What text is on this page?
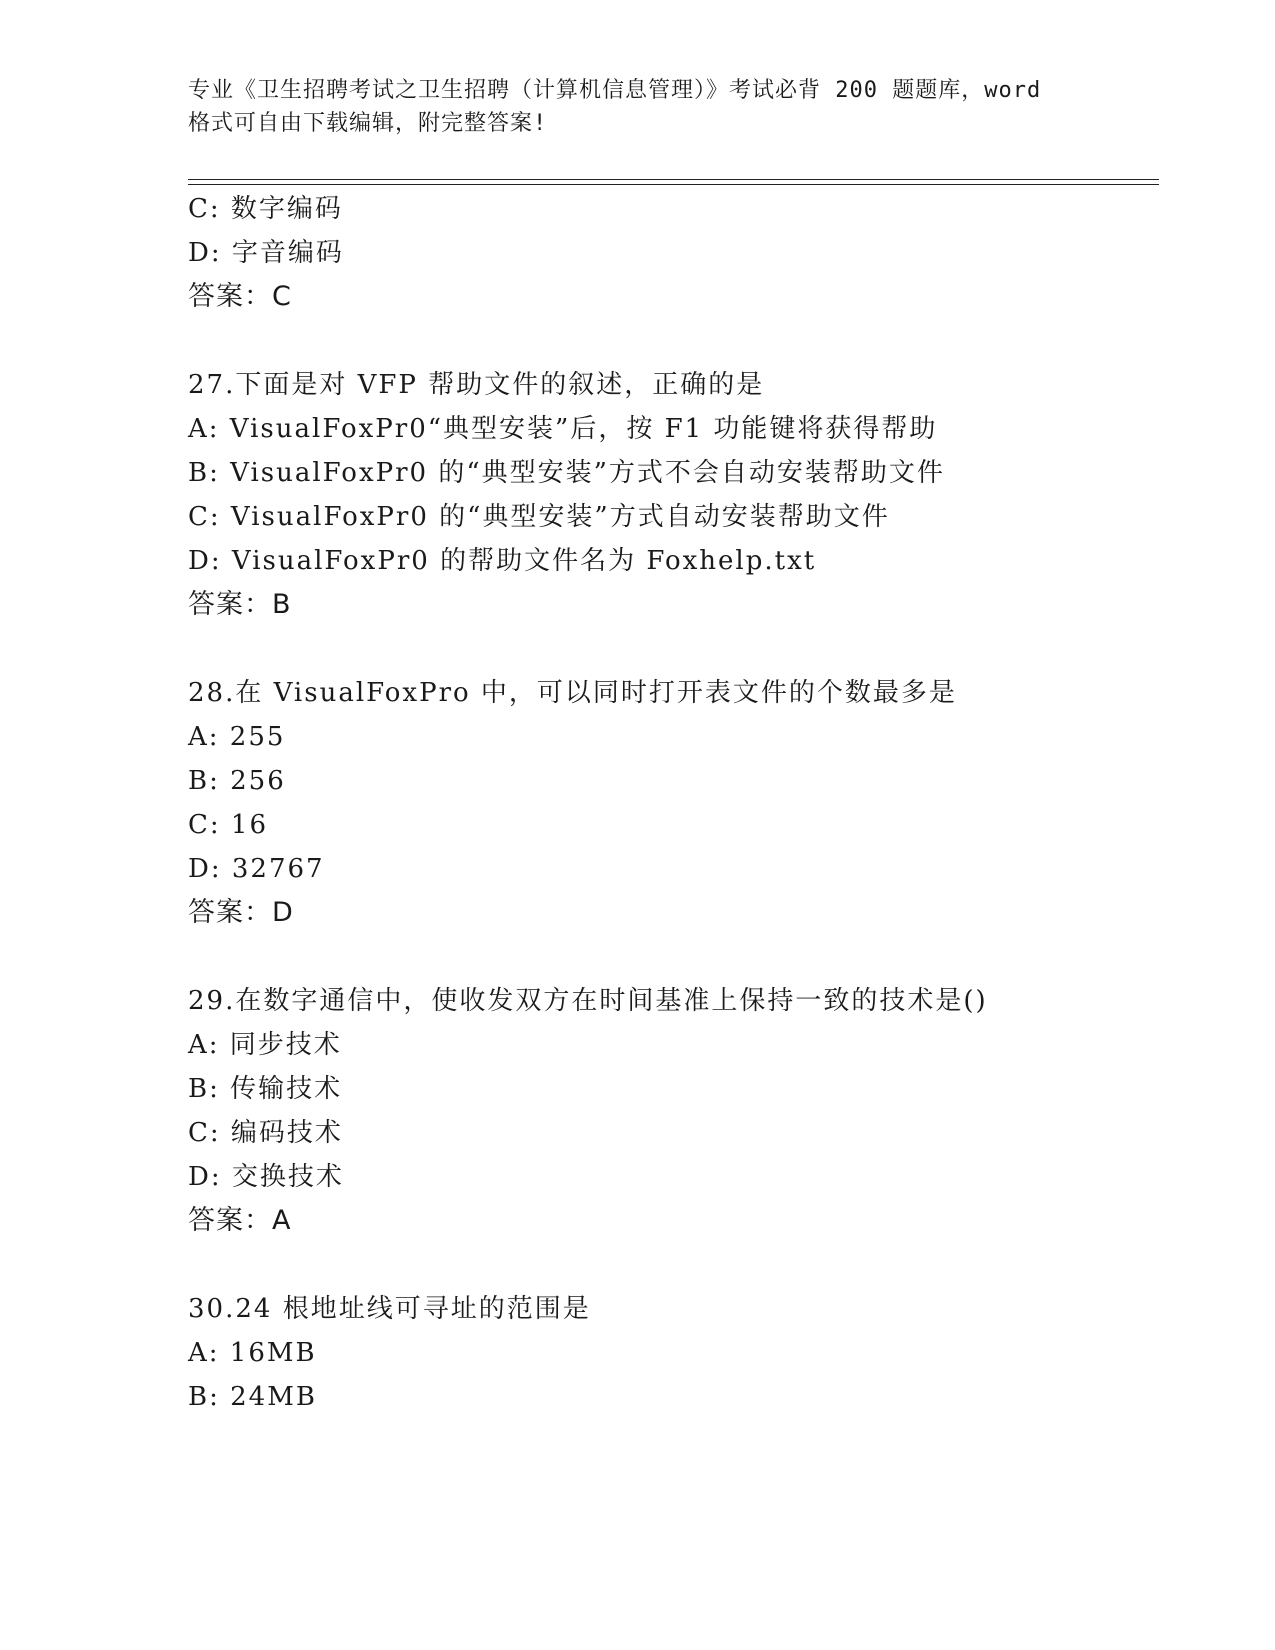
专业《卫生招聘考试之卫生招聘（计算机信息管理）》考试必背 200 题题库，word
格式可自由下载编辑，附完整答案!
C: 数字编码
D: 字音编码
答案：C
27.下面是对 VFP 帮助文件的叙述，正确的是
A: VisualFoxPr0“典型安装”后，按 F1 功能键将获得帮助
B: VisualFoxPr0 的“典型安装”方式不会自动安装帮助文件
C: VisualFoxPr0 的“典型安装”方式自动安装帮助文件
D: VisualFoxPr0 的帮助文件名为 Foxhelp.txt
答案：B
28.在 VisualFoxPro 中，可以同时打开表文件的个数最多是
A: 255
B: 256
C: 16
D: 32767
答案：D
29.在数字通信中，使收发双方在时间基准上保持一致的技术是()
A: 同步技术
B: 传输技术
C: 编码技术
D: 交换技术
答案：A
30.24 根地址线可寻址的范围是
A: 16MB
B: 24MB
